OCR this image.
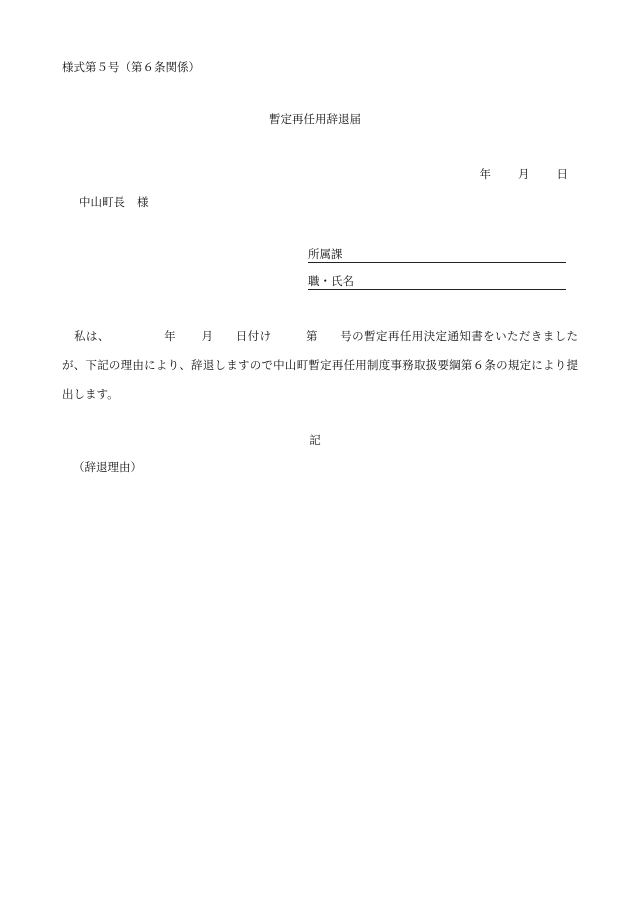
様式第５号（第６条関係）
暫定再任用辞退届
年 月 日
中山町長 様
所属課
職・氏名
私は、	年 月 日付け	第 号の暫定再任用決定通知書をいただきましたが、下記の理由により、辞退しますので中山町暫定再任用制度事務取扱要綱第６条の規定により提出します。
記
（辞退理由）
